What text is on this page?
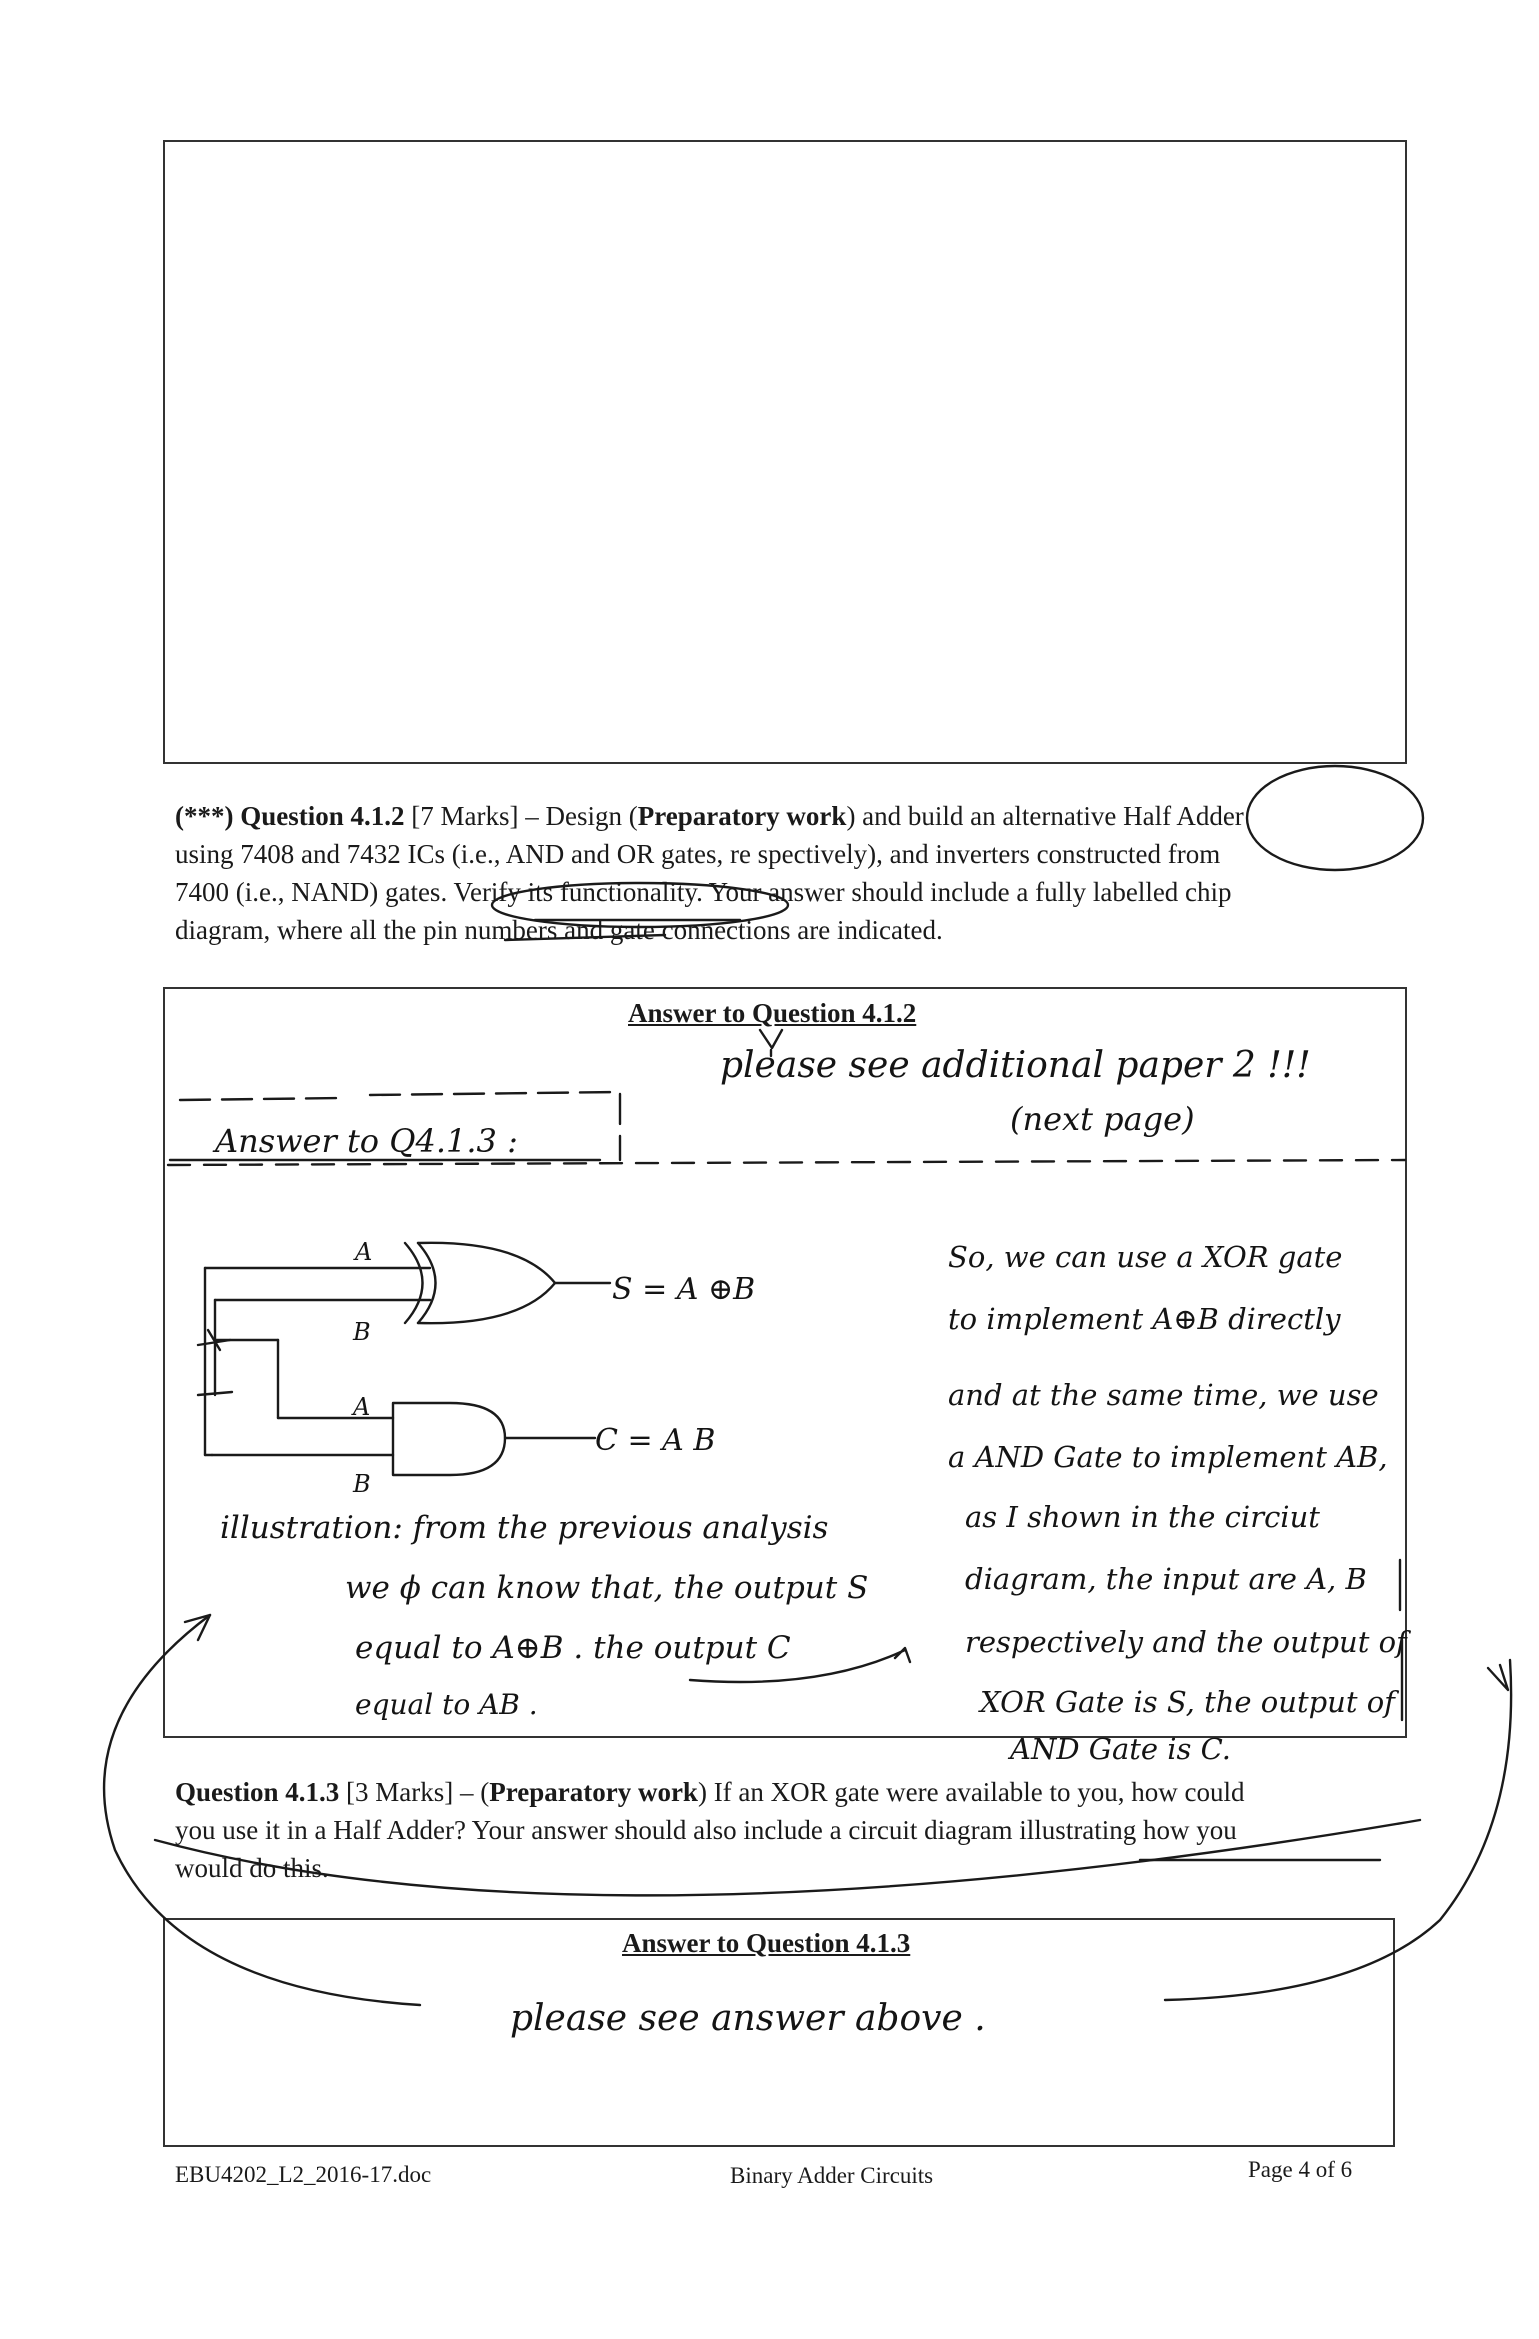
(***) Question 4.1.2 [7 Marks] – Design (Preparatory work) and build an alternative Half Adder
using 7408 and 7432 ICs (i.e., AND and OR gates, re spectively), and inverters constructed from
7400 (i.e., NAND) gates. Verify its functionality. Your answer should include a fully labelled chip
diagram, where all the pin numbers and gate connections are indicated.
Answer to Question 4.1.2
please see additional paper 2 !!!
(next page)
Answer to Q4.1.3 :
A
B
A
B
S = A ⊕B
C = A B
illustration: from the previous analysis
we ϕ can know that, the output S
equal to A⊕B . the output C
equal to AB .
So, we can use a XOR gate
to implement A⊕B directly
and at the same time, we use
a AND Gate to implement AB,
as I shown in the circiut
diagram, the input are A, B
respectively and the output of
XOR Gate is S, the output of
AND Gate is C.
Question 4.1.3 [3 Marks] – (Preparatory work) If an XOR gate were available to you, how could
you use it in a Half Adder? Your answer should also include a circuit diagram illustrating how you
would do this.
Answer to Question 4.1.3
please see answer above .
EBU4202_L2_2016-17.doc	Binary Adder Circuits	Page 4 of 6
